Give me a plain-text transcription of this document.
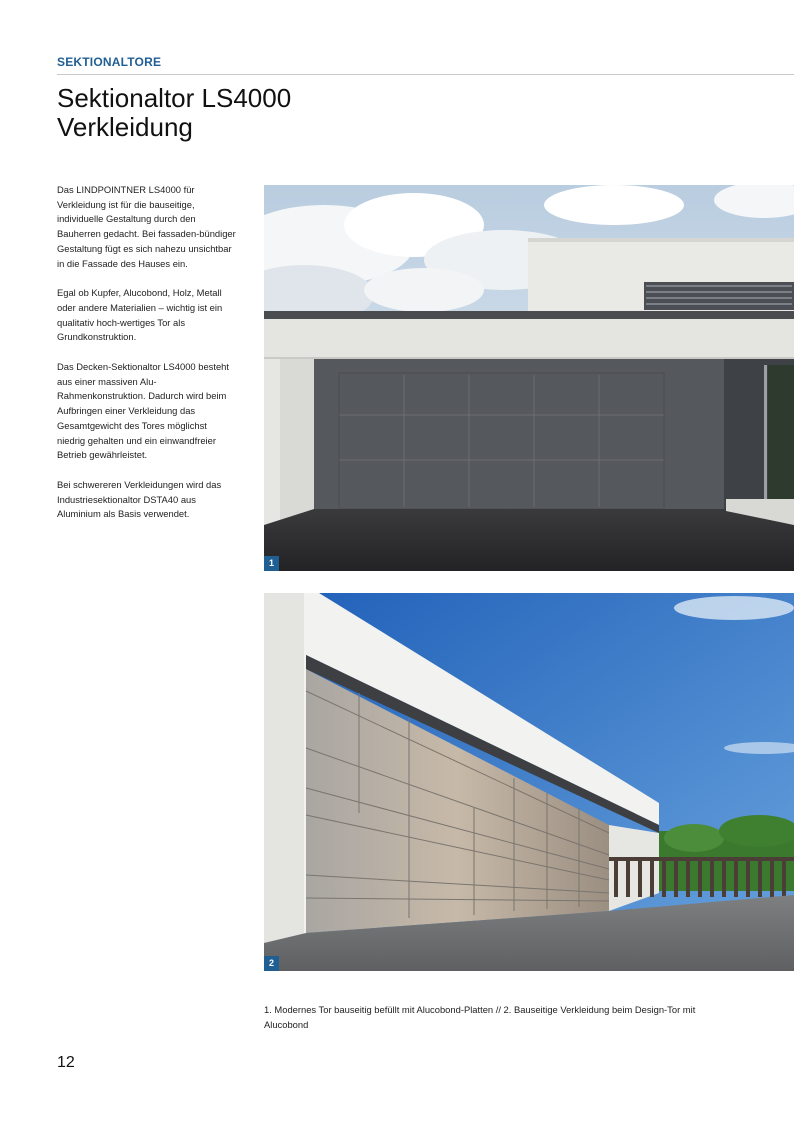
SEKTIONALTORE
Sektionaltor LS4000
Verkleidung

Das LINDPOINTNER LS4000 für Verkleidung ist für die bauseitige, individuelle Gestaltung durch den Bauherren gedacht. Bei fassaden-bündiger Gestaltung fügt es sich nahezu unsichtbar in die Fassade des Hauses ein.

Egal ob Kupfer, Alucobond, Holz, Metall oder andere Materialien – wichtig ist ein qualitativ hoch-wertiges Tor als Grundkonstruktion.

Das Decken-Sektionaltor LS4000 besteht aus einer massiven Alu-Rahmenkonstruktion. Dadurch wird beim Aufbringen einer Verkleidung das Gesamtgewicht des Tores möglichst niedrig gehalten und ein einwandfreier Betrieb gewährleistet.

Bei schwereren Verkleidungen wird das Industriesektionaltor DSTA40 aus Aluminium als Basis verwendet.

1
2

1. Modernes Tor bauseitig befüllt mit Alucobond-Platten // 2. Bauseitige Verkleidung beim Design-Tor mit Alucobond

12
